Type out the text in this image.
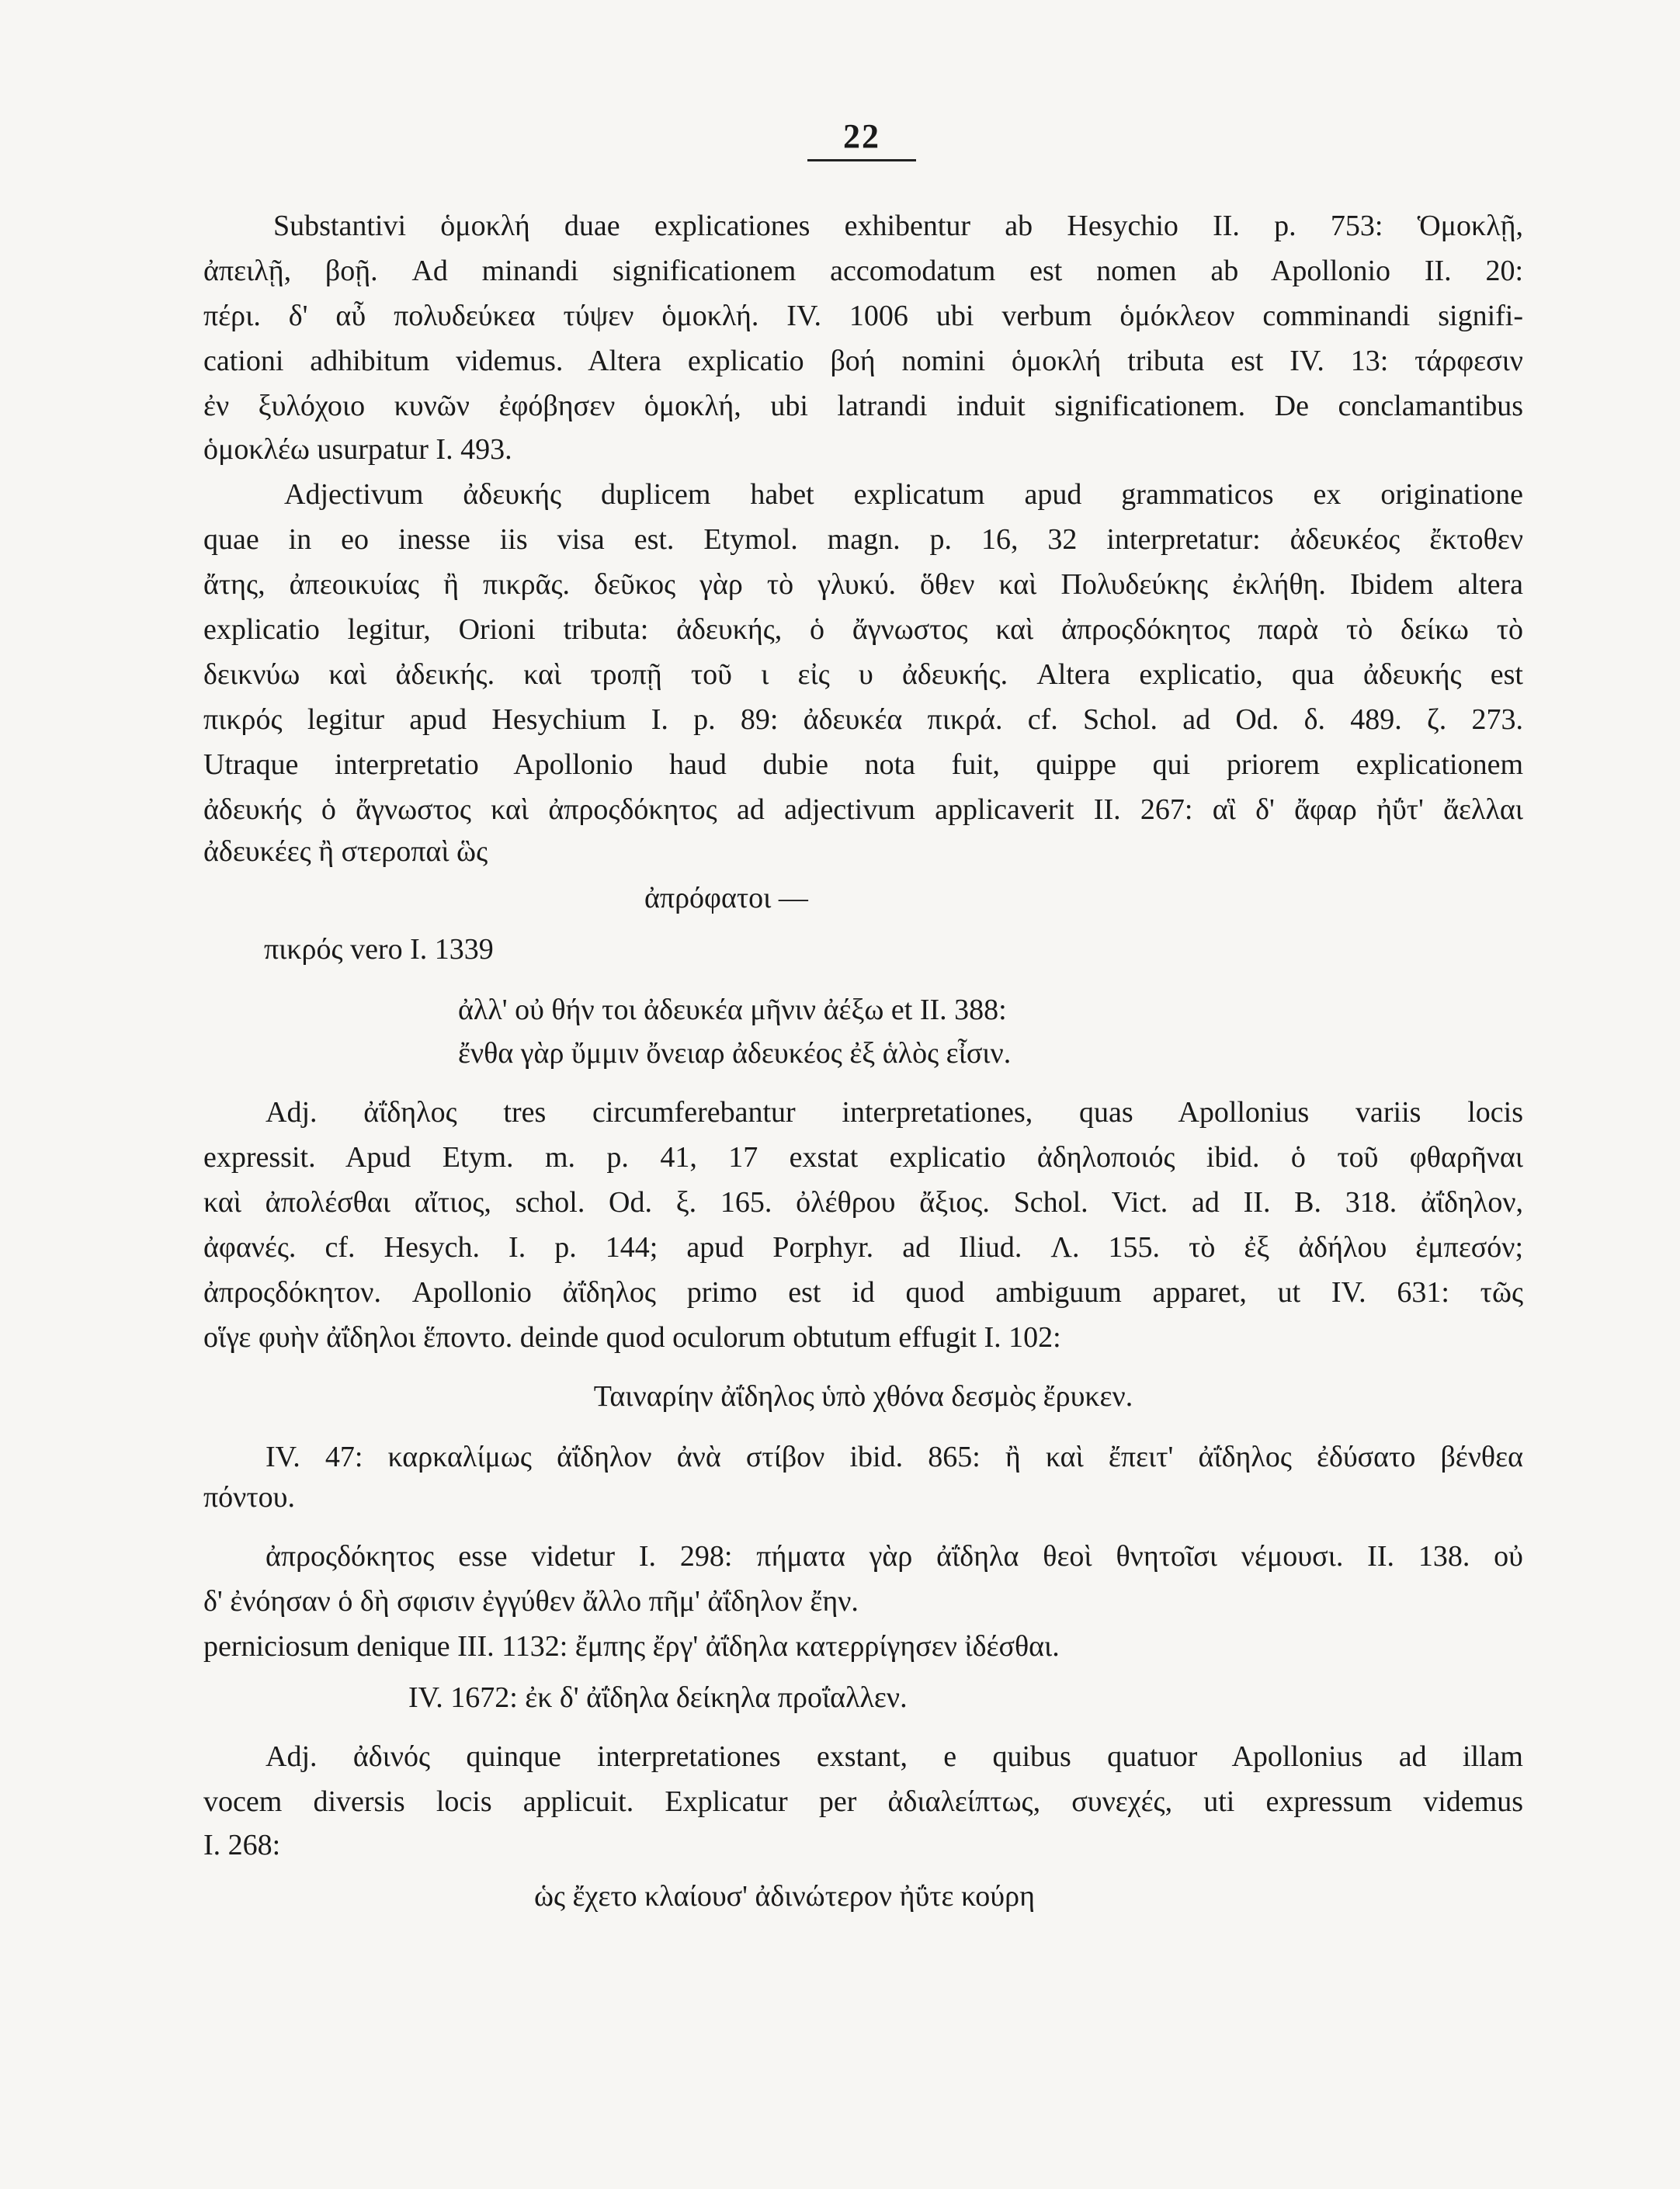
22
Substantivi ὁμοκλή duae explicationes exhibentur ab Hesychio II. p. 753: Ὁμοκλῇ,
ἀπειλῇ, βοῇ. Ad minandi significationem accomodatum est nomen ab Apollonio II. 20:
πέρι. δ' αὖ πολυδεύκεα τύψεν ὁμοκλή. IV. 1006 ubi verbum ὁμόκλεον comminandi signifi-
cationi adhibitum videmus. Altera explicatio βοή nomini ὁμοκλή tributa est IV. 13: τάρφεσιν
ἐν ξυλόχοιο κυνῶν ἐφόβησεν ὁμοκλή, ubi latrandi induit significationem. De conclamantibus
ὁμοκλέω usurpatur I. 493.
Adjectivum ἀδευκής duplicem habet explicatum apud grammaticos ex originatione
quae in eo inesse iis visa est. Etymol. magn. p. 16, 32 interpretatur: ἀδευκέος ἔκτοθεν
ἄτης, ἀπεοικυίας ἢ πικρᾶς. δεῦκος γὰρ τὸ γλυκύ. ὅθεν καὶ Πολυδεύκης ἐκλήθη. Ibidem altera
explicatio legitur, Orioni tributa: ἀδευκής, ὁ ἄγνωστος καὶ ἀπροςδόκητος παρὰ τὸ δείκω τὸ
δεικνύω καὶ ἀδεικής. καὶ τροπῇ τοῦ ι εἰς υ ἀδευκής. Altera explicatio, qua ἀδευκής est
πικρός legitur apud Hesychium I. p. 89: ἀδευκέα πικρά. cf. Schol. ad Od. δ. 489. ζ. 273.
Utraque interpretatio Apollonio haud dubie nota fuit, quippe qui priorem explicationem
ἀδευκής ὁ ἄγνωστος καὶ ἀπροςδόκητος ad adjectivum applicaverit II. 267: αἳ δ' ἄφαρ ἠΰτ' ἄελλαι
ἀδευκέες ἢ στεροπαὶ ὣς
ἀπρόφατοι —
πικρός vero I. 1339
ἀλλ' οὐ θήν τοι ἀδευκέα μῆνιν ἀέξω et II. 388:
ἔνθα γὰρ ὔμμιν ὄνειαρ ἀδευκέος ἐξ ἁλὸς εἶσιν.
Adj. ἀΐδηλος tres circumferebantur interpretationes, quas Apollonius variis locis
expressit. Apud Etym. m. p. 41, 17 exstat explicatio ἀδηλοποιός ibid. ὁ τοῦ φθαρῆναι
καὶ ἀπολέσθαι αἴτιος, schol. Od. ξ. 165. ὀλέθρου ἄξιος. Schol. Vict. ad II. B. 318. ἀΐδηλον,
ἀφανές. cf. Hesych. I. p. 144; apud Porphyr. ad Iliud. Λ. 155. τὸ ἐξ ἀδήλου ἐμπεσόν;
ἀπροςδόκητον. Apollonio ἀΐδηλος primo est id quod ambiguum apparet, ut IV. 631: τῶς
οἵγε φυὴν ἀΐδηλοι ἕποντο. deinde quod oculorum obtutum effugit I. 102:
Ταιναρίην ἀΐδηλος ὑπὸ χθόνα δεσμὸς ἔρυκεν.
IV. 47: καρκαλίμως ἀΐδηλον ἀνὰ στίβον ibid. 865: ἢ καὶ ἔπειτ' ἀΐδηλος ἐδύσατο βένθεα
πόντου.
ἀπροςδόκητος esse videtur I. 298: πήματα γὰρ ἀΐδηλα θεοὶ θνητοῖσι νέμουσι. II. 138. οὐ
δ' ἐνόησαν ὁ δὴ σφισιν ἐγγύθεν ἄλλο πῆμ' ἀΐδηλον ἔην.
perniciosum denique III. 1132: ἔμπης ἔργ' ἀΐδηλα κατερρίγησεν ἰδέσθαι.
IV. 1672: ἐκ δ' ἀΐδηλα δείκηλα προΐαλλεν.
Adj. ἀδινός quinque interpretationes exstant, e quibus quatuor Apollonius ad illam
vocem diversis locis applicuit. Explicatur per ἀδιαλείπτως, συνεχές, uti expressum videmus
I. 268:
ὡς ἔχετο κλαίουσ' ἀδινώτερον ἠΰτε κούρη
